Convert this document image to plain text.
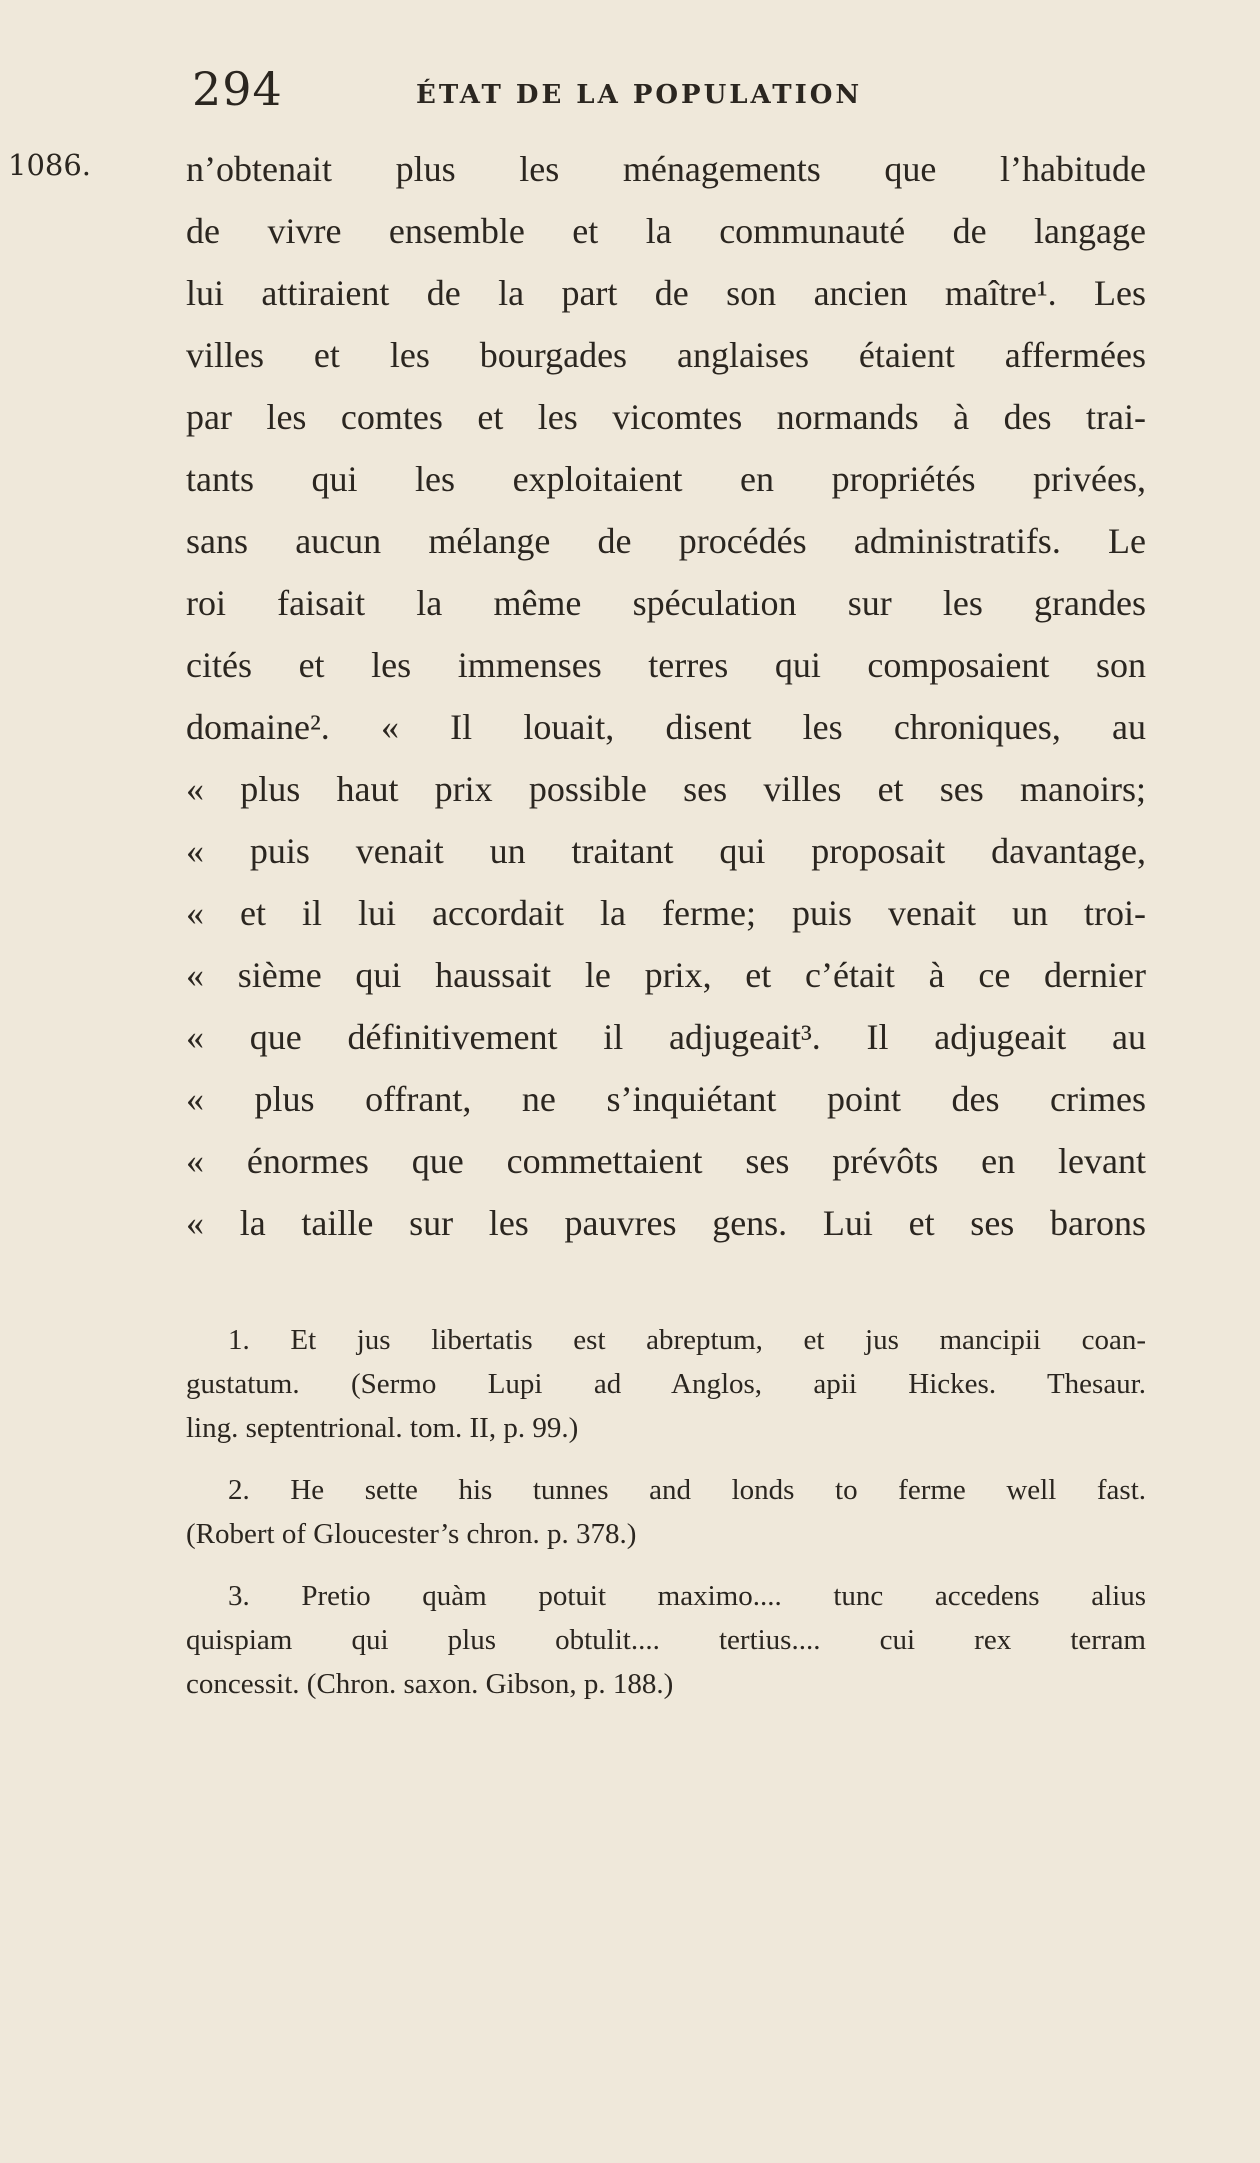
294	ÉTAT DE LA POPULATION
1086.	n’obtenait plus les ménagements que l’habitude
de vivre ensemble et la communauté de langage
lui attiraient de la part de son ancien maître¹. Les
villes et les bourgades anglaises étaient affermées
par les comtes et les vicomtes normands à des trai-
tants qui les exploitaient en propriétés privées,
sans aucun mélange de procédés administratifs. Le
roi faisait la même spéculation sur les grandes
cités et les immenses terres qui composaient son
domaine². « Il louait, disent les chroniques, au
« plus haut prix possible ses villes et ses manoirs;
« puis venait un traitant qui proposait davantage,
« et il lui accordait la ferme; puis venait un troi-
« sième qui haussait le prix, et c’était à ce dernier
« que définitivement il adjugeait³. Il adjugeait au
« plus offrant, ne s’inquiétant point des crimes
« énormes que commettaient ses prévôts en levant
« la taille sur les pauvres gens. Lui et ses barons
1. Et jus libertatis est abreptum, et jus mancipii coan-
gustatum. (Sermo Lupi ad Anglos, apii Hickes. Thesaur.
ling. septentrional. tom. II, p. 99.)
2. He sette his tunnes and londs to ferme well fast.
(Robert of Gloucester’s chron. p. 378.)
3. Pretio quàm potuit maximo.... tunc accedens alius
quispiam qui plus obtulit.... tertius.... cui rex terram
concessit. (Chron. saxon. Gibson, p. 188.)
